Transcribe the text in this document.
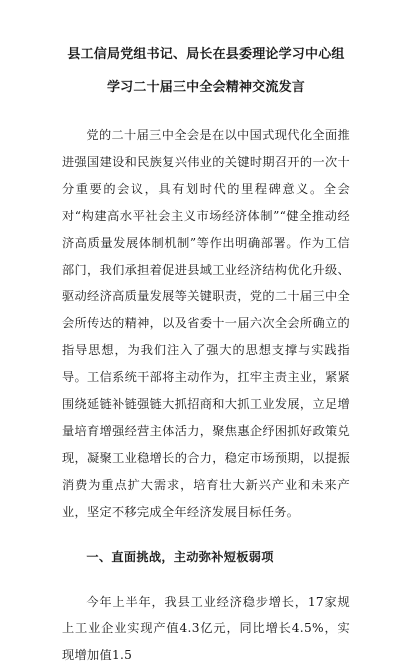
县工信局党组书记、局长在县委理论学习中心组学习二十届三中全会精神交流发言

党的二十届三中全会是在以中国式现代化全面推进强国建设和民族复兴伟业的关键时期召开的一次十分重要的会议，具有划时代的里程碑意义。全会对“构建高水平社会主义市场经济体制”“健全推动经济高质量发展体制机制”等作出明确部署。作为工信部门，我们承担着促进县域工业经济结构优化升级、驱动经济高质量发展等关键职责，党的二十届三中全会所传达的精神，以及省委十一届六次全会所确立的指导思想，为我们注入了强大的思想支撑与实践指导。工信系统干部将主动作为，扛牢主责主业，紧紧围绕延链补链强链大抓招商和大抓工业发展，立足增量培育增强经营主体活力，聚焦惠企纾困抓好政策兑现，凝聚工业稳增长的合力，稳定市场预期，以提振消费为重点扩大需求，培育壮大新兴产业和未来产业，坚定不移完成全年经济发展目标任务。

一、直面挑战，主动弥补短板弱项

今年上半年，我县工业经济稳步增长，17家规上工业企业实现产值4.3亿元，同比增长4.5%，实现增加值1.5
